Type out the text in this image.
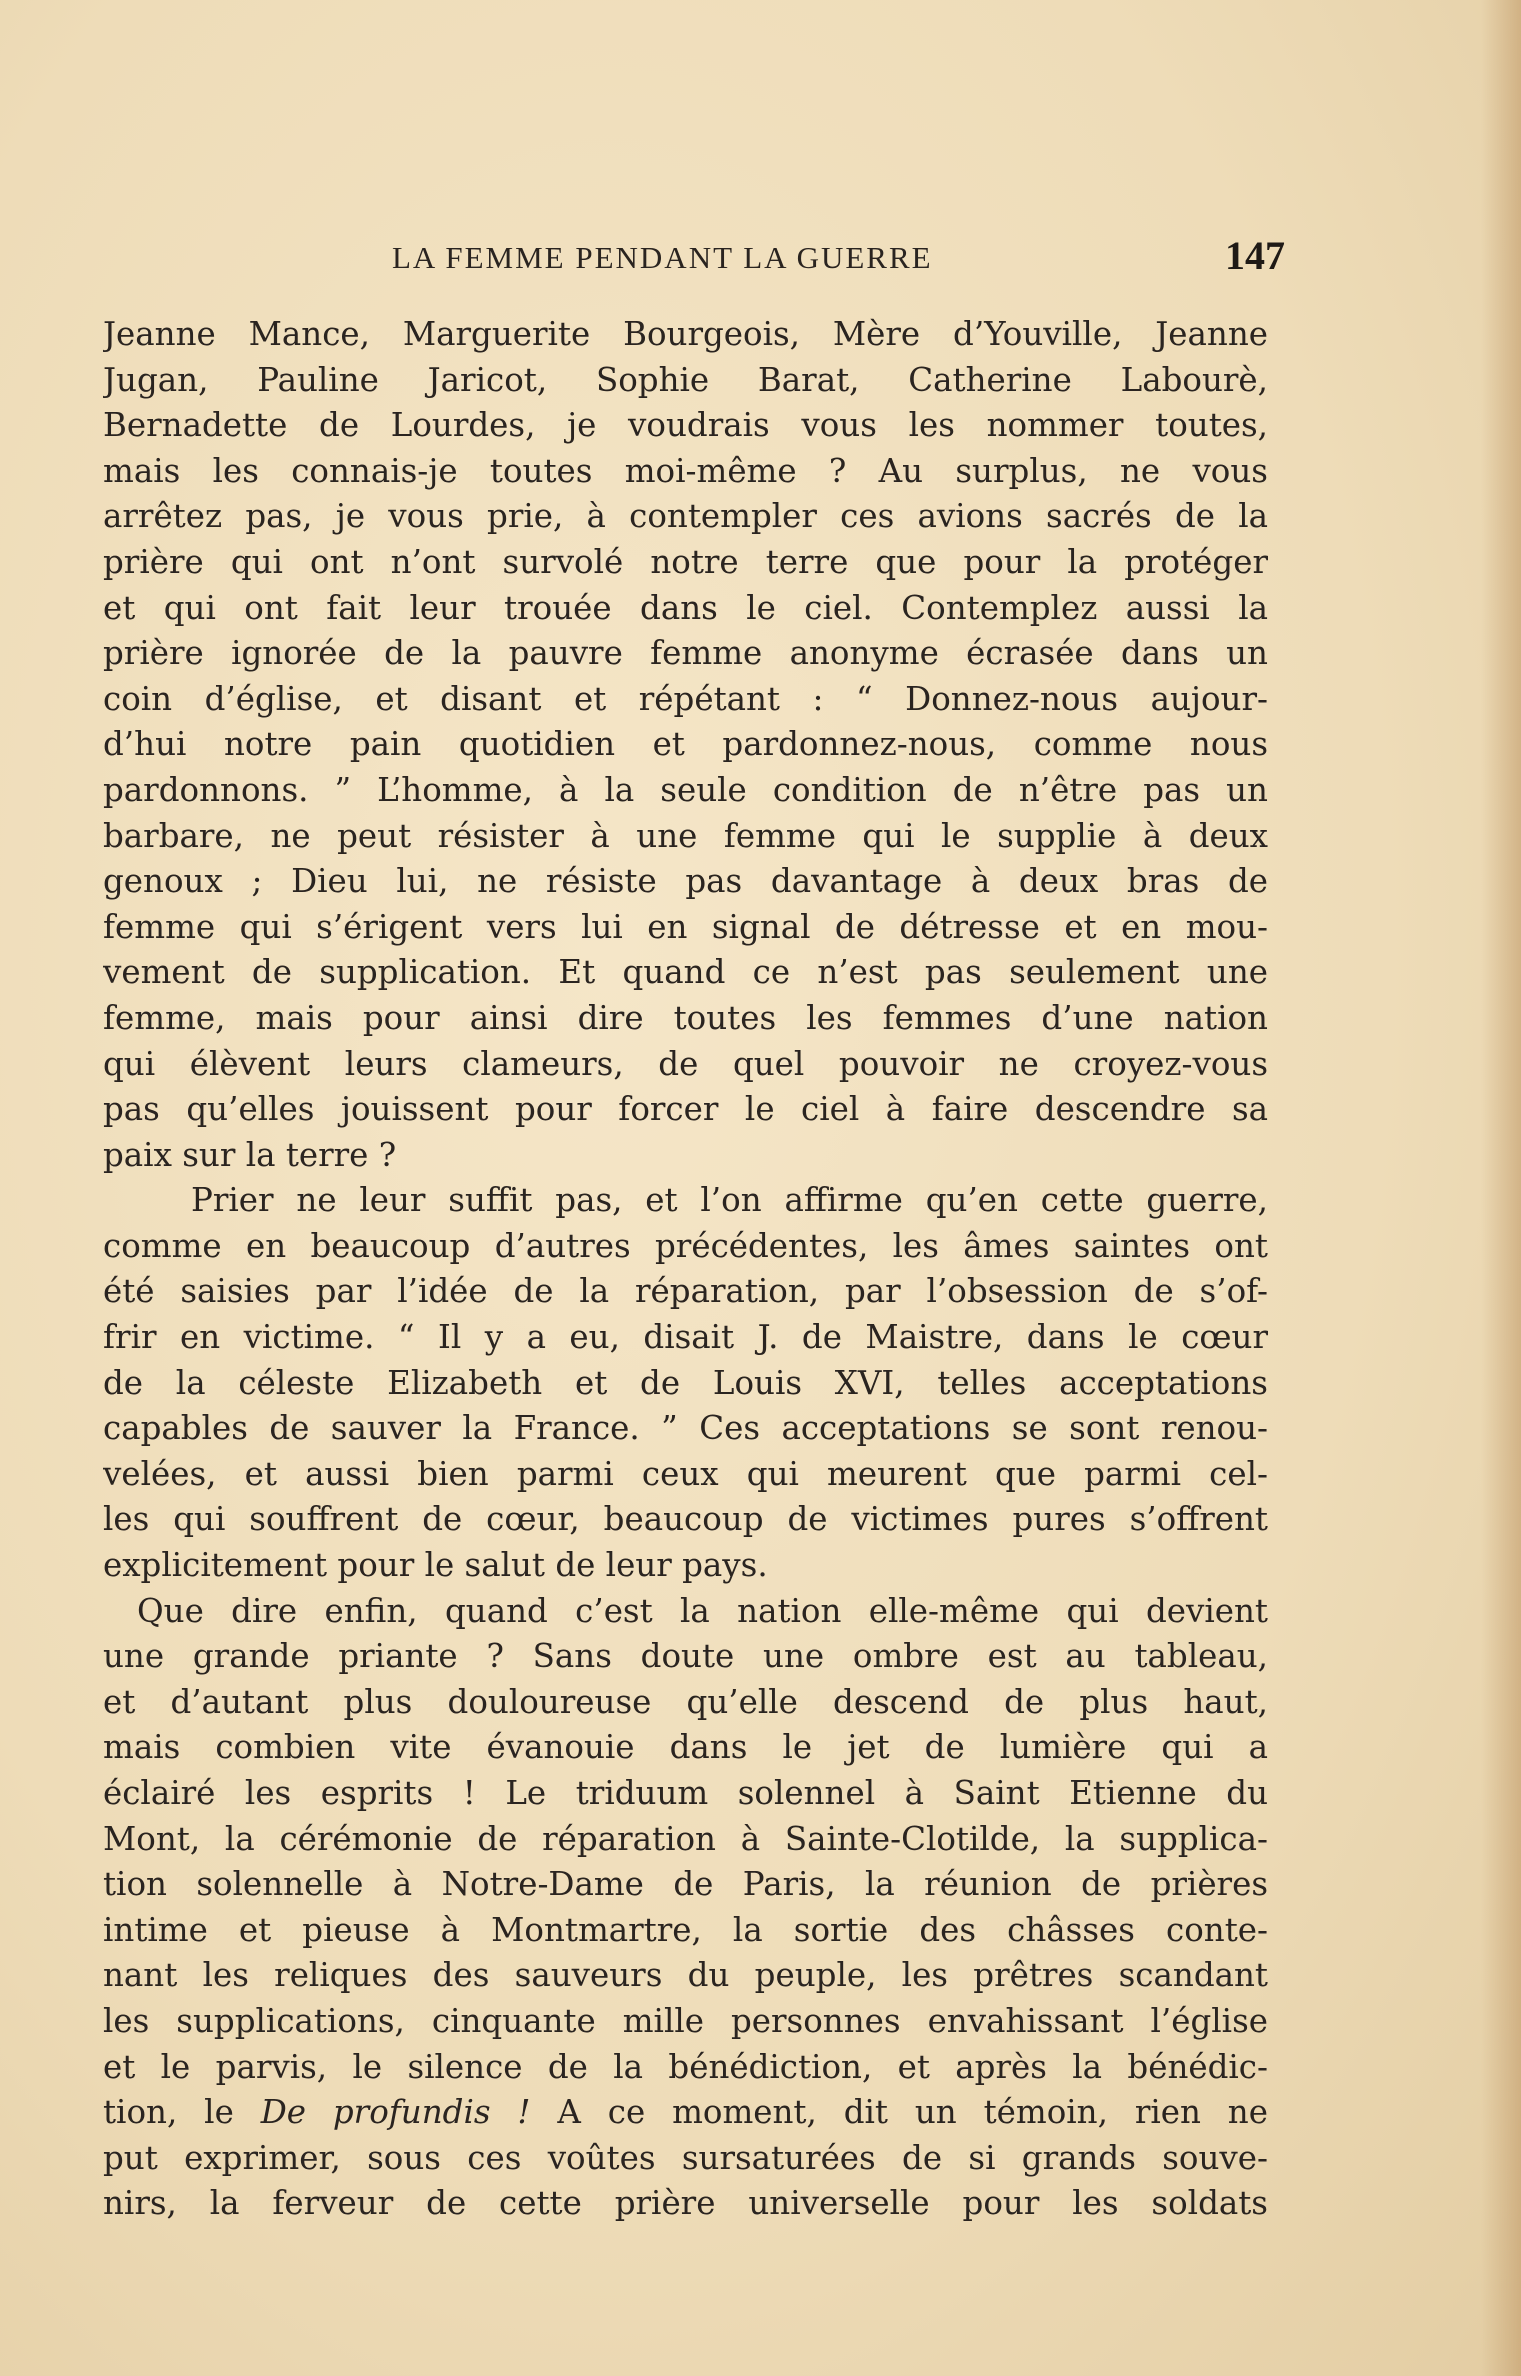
LA FEMME PENDANT LA GUERRE	147

Jeanne Mance, Marguerite Bourgeois, Mère d’Youville, Jeanne
Jugan, Pauline Jaricot, Sophie Barat, Catherine Labourè,
Bernadette de Lourdes, je voudrais vous les nommer toutes,
mais les connais-je toutes moi-même ? Au surplus, ne vous
arrêtez pas, je vous prie, à contempler ces avions sacrés de la
prière qui ont n’ont survolé notre terre que pour la protéger
et qui ont fait leur trouée dans le ciel. Contemplez aussi la
prière ignorée de la pauvre femme anonyme écrasée dans un
coin d’église, et disant et répétant : “ Donnez-nous aujour-
d’hui notre pain quotidien et pardonnez-nous, comme nous
pardonnons. ” L’homme, à la seule condition de n’être pas un
barbare, ne peut résister à une femme qui le supplie à deux
genoux ; Dieu lui, ne résiste pas davantage à deux bras de
femme qui s’érigent vers lui en signal de détresse et en mou-
vement de supplication. Et quand ce n’est pas seulement une
femme, mais pour ainsi dire toutes les femmes d’une nation
qui élèvent leurs clameurs, de quel pouvoir ne croyez-vous
pas qu’elles jouissent pour forcer le ciel à faire descendre sa
paix sur la terre ?

Prier ne leur suffit pas, et l’on affirme qu’en cette guerre,
comme en beaucoup d’autres précédentes, les âmes saintes ont
été saisies par l’idée de la réparation, par l’obsession de s’of-
frir en victime. “ Il y a eu, disait J. de Maistre, dans le cœur
de la céleste Elizabeth et de Louis XVI, telles acceptations
capables de sauver la France. ” Ces acceptations se sont renou-
velées, et aussi bien parmi ceux qui meurent que parmi cel-
les qui souffrent de cœur, beaucoup de victimes pures s’offrent
explicitement pour le salut de leur pays.

Que dire enfin, quand c’est la nation elle-même qui devient
une grande priante ? Sans doute une ombre est au tableau,
et d’autant plus douloureuse qu’elle descend de plus haut,
mais combien vite évanouie dans le jet de lumière qui a
éclairé les esprits ! Le triduum solennel à Saint Etienne du
Mont, la cérémonie de réparation à Sainte-Clotilde, la supplica-
tion solennelle à Notre-Dame de Paris, la réunion de prières
intime et pieuse à Montmartre, la sortie des châsses conte-
nant les reliques des sauveurs du peuple, les prêtres scandant
les supplications, cinquante mille personnes envahissant l’église
et le parvis, le silence de la bénédiction, et après la bénédic-
tion, le De profundis ! A ce moment, dit un témoin, rien ne
put exprimer, sous ces voûtes sursaturées de si grands souve-
nirs, la ferveur de cette prière universelle pour les soldats
